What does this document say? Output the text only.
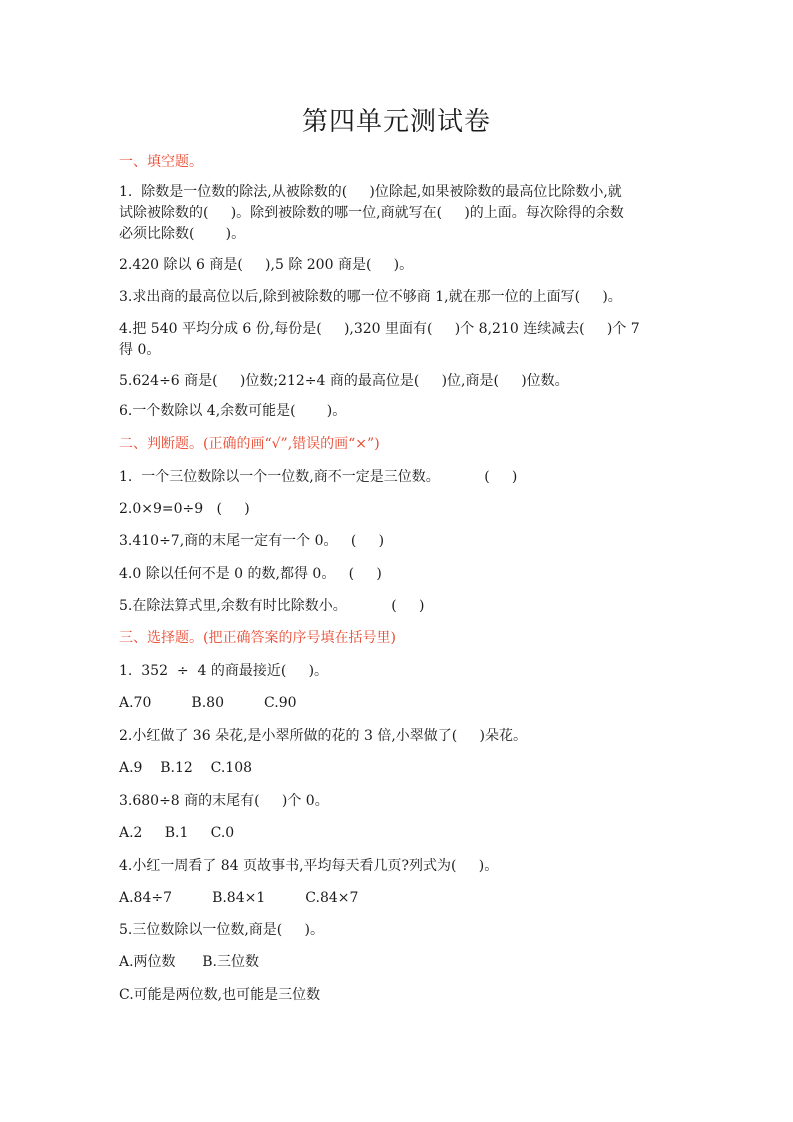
第四单元测试卷
一、填空题。
1.  除数是一位数的除法,从被除数的(     )位除起,如果被除数的最高位比除数小,就
试除被除数的(     )。除到被除数的哪一位,商就写在(     )的上面。每次除得的余数
必须比除数(       )。
2.420 除以 6 商是(     ),5 除 200 商是(     )。
3.求出商的最高位以后,除到被除数的哪一位不够商 1,就在那一位的上面写(     )。
4.把 540 平均分成 6 份,每份是(     ),320 里面有(     )个 8,210 连续减去(     )个 7
得 0。
5.624÷6 商是(     )位数;212÷4 商的最高位是(     )位,商是(     )位数。
6.一个数除以 4,余数可能是(       )。
二、判断题。(正确的画“√”,错误的画“×”)
1.  一个三位数除以一个一位数,商不一定是三位数。          (     )
2.0×9=0÷9   (     )
3.410÷7,商的末尾一定有一个 0。   (     )
4.0 除以任何不是 0 的数,都得 0。   (     )
5.在除法算式里,余数有时比除数小。          (     )
三、选择题。(把正确答案的序号填在括号里)
1.  352  ÷  4 的商最接近(     )。
A.70         B.80         C.90
2.小红做了 36 朵花,是小翠所做的花的 3 倍,小翠做了(     )朵花。
A.9    B.12    C.108
3.680÷8 商的末尾有(     )个 0。
A.2     B.1     C.0
4.小红一周看了 84 页故事书,平均每天看几页?列式为(     )。
A.84÷7         B.84×1         C.84×7
5.三位数除以一位数,商是(     )。
A.两位数      B.三位数
C.可能是两位数,也可能是三位数
